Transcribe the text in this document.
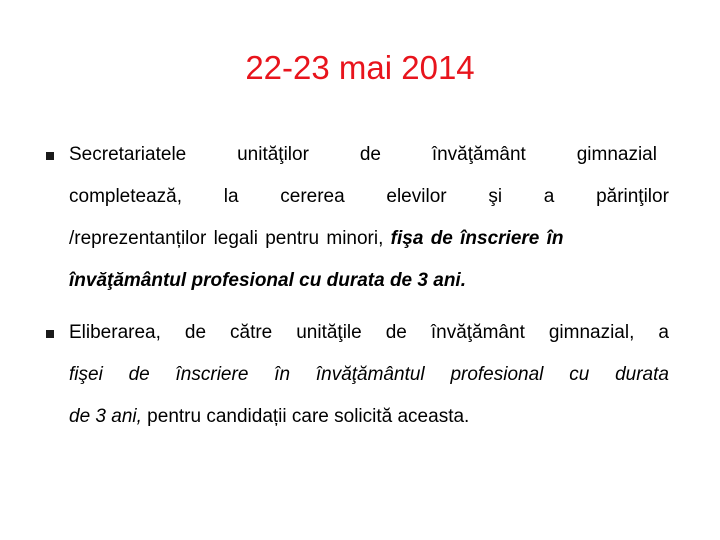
22-23 mai 2014
Secretariatele	unităţilor	de	învăţământ	gimnazial
completează, la cererea elevilor şi a părinţilor
/reprezentanților legali pentru minori, fişa de înscriere în
învăţământul profesional cu durata de 3 ani.
Eliberarea, de către unităţile de învăţământ gimnazial, a
fişei de înscriere în învăţământul profesional cu durata
de 3 ani, pentru candidații care solicită aceasta.
